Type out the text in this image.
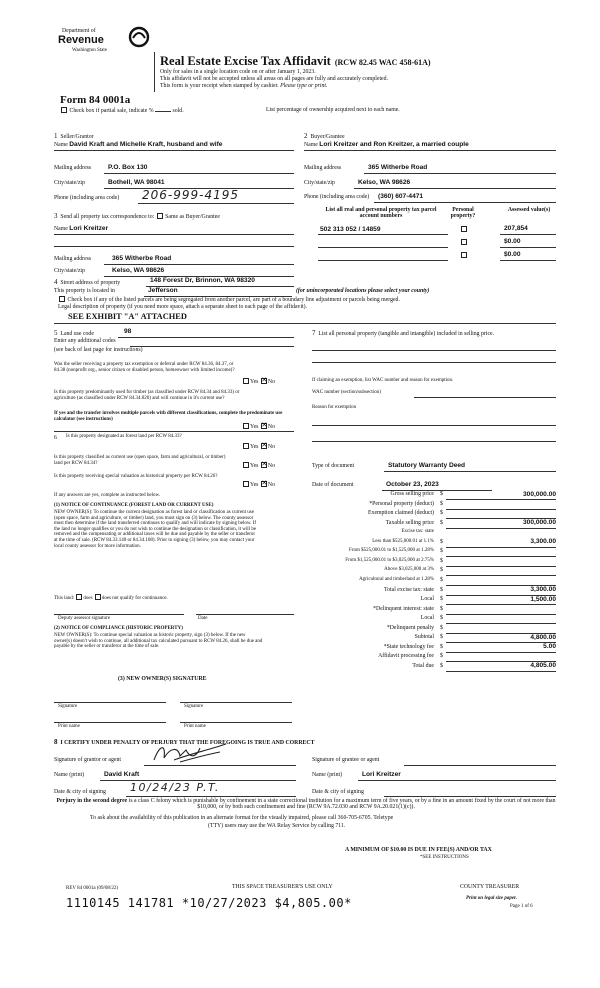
Department of
Revenue
Washington State
Form 84 0001a
Real Estate Excise Tax Affidavit (RCW 82.45 WAC 458-61A)
Only for sales in a single location code on or after January 1, 2023.
This affidavit will not be accepted unless all areas on all pages are fully and accurately completed.
This form is your receipt when stamped by cashier. Please type or print.
Check box if partial sale, indicate %	sold.	List percentage of ownership acquired next to each name.
1 Seller/Grantor
Name David Kraft and Michelle Kraft, husband and wife
2 Buyer/Grantee
Name Lori Kreitzer and Ron Kreitzer, a married couple
Mailing address	P.O. Box 130
City/state/zip	Bothell, WA 98041
Phone (including area code) 206-999-4195
Mailing address	365 Witherbe Road
City/state/zip	Kelso, WA 98626
Phone (including area code) (360) 607-4471
3 Send all property tax correspondence to: Same as Buyer/Grantee
Name Lori Kreitzer
Mailing address	365 Witherbe Road
City/state/zip	Kelso, WA 98626
List all real and personal property tax parcel account numbers
Personal property?
Assessed value(s)
502 313 052 / 14859	207,854
$0.00
$0.00
4 Street address of property	148 Forest Dr, Brinnon, WA 98320
This property is located in	Jefferson	(for unincorporated locations please select your county)
Check box if any of the listed parcels are being segregated from another parcel, are part of a boundary line adjustment or parcels being merged.
Legal description of property (if you need more space, attach a separate sheet to each page of the affidavit).
SEE EXHIBIT "A" ATTACHED
5 Land use code	98
Enter any additional codes
(see back of last page for instructions)
Was the seller receiving a property tax exemption or deferral under RCW 84.36, 84.37, or 84.38 (nonprofit org., senior citizen or disabled person, homeowner with limited income)?
Yes ✕ No
Is this property predominantly used for timber (as classified under RCW 84.34 and 84.33) or agriculture (as classified under RCW 84.34.020) and will continue in it's current use?
If yes and the transfer involves multiple parcels with different classifications, complete the predominate use calculator (see instructions)
Yes ✕ No
6 Is this property designated as forest land per RCW 84.33?
Yes ✕ No
Is this property classified as current use (open space, farm and agricultural, or timber) land per RCW 84.34?	Yes ✕ No
Is this property receiving special valuation as historical property per RCW 84.26?
Yes ✕ No
If any answers are yes, complete as instructed below.
(1) NOTICE OF CONTINUANCE (FOREST LAND OR CURRENT USE)
NEW OWNER(S): To continue the current designation as forest land or classification as current use (open space, farm and agriculture, or timber) land, you must sign on (3) below. The county assessor must then determine if the land transferred continues to qualify and will indicate by signing below. If the land no longer qualifies or you do not wish to continue the designation or classification, it will be removed and the compensating or additional taxes will be due and payable by the seller or transferor at the time of sale. (RCW 84.33.140 or 84.34.108). Prior to signing (3) below, you may contact your local county assessor for more information.
This land: does does not qualify for continuance.
Deputy assessor signature	Date
(2) NOTICE OF COMPLIANCE (HISTORIC PROPERTY)
NEW OWNER(S): To continue special valuation as historic property, sign (3) below. If the new owner(s) doesn't wish to continue, all additional tax calculated pursuant to RCW 84.26, shall be due and payable by the seller or transferor at the time of sale.
(3) NEW OWNER(S) SIGNATURE
Signature	Signature
Print name	Print name
7 List all personal property (tangible and intangible) included in selling price.
If claiming an exemption, list WAC number and reason for exemption.
WAC number (section/subsection)
Reason for exemption
Type of document	Statutory Warranty Deed
Date of document	October 23, 2023
Gross selling price $	300,000.00
*Personal property (deduct) $
Exemption claimed (deduct) $
Taxable selling price $	300,000.00
Excise tax: state
Less than $525,000.01 at 1.1% $	3,300.00
From $525,000.01 to $1,525,000 at 1.28% $
From $1,525,000.01 to $3,025,000 at 2.75% $
Above $3,025,000 at 3% $
Agricultural and timberland at 1.28% $
Total excise tax: state $	3,300.00
Local $	1,500.00
*Delinquent interest: state $
Local $
*Delinquent penalty $
Subtotal $	4,800.00
*State technology fee $	5.00
Affidavit processing fee $
Total due $	4,805.00
A MINIMUM OF $10.00 IS DUE IN FEE(S) AND/OR TAX
*SEE INSTRUCTIONS
8 I CERTIFY UNDER PENALTY OF PERJURY THAT THE FOREGOING IS TRUE AND CORRECT
Signature of grantor or agent
Name (print)	David Kraft
Date & city of signing 10/24/23 P.T.
Signature of grantee or agent
Name (print)	Lori Kreitzer
Date & city of signing
Perjury in the second degree is a class C felony which is punishable by confinement in a state correctional institution for a maximum term of five years, or by a fine in an amount fixed by the court of not more than $10,000, or by both such confinement and fine (RCW 9A.72.030 and RCW 9A.20.021(1)(c)).
To ask about the availability of this publication in an alternate format for the visually impaired, please call 360-705-6705. Teletype
(TTY) users may use the WA Relay Service by calling 711.
REV 84 0001a (09/08/22)	THIS SPACE TREASURER'S USE ONLY	COUNTY TREASURER
1110145 141781 *10/27/2023 $4,805.00*	Print on legal size paper.
Page 1 of 6
